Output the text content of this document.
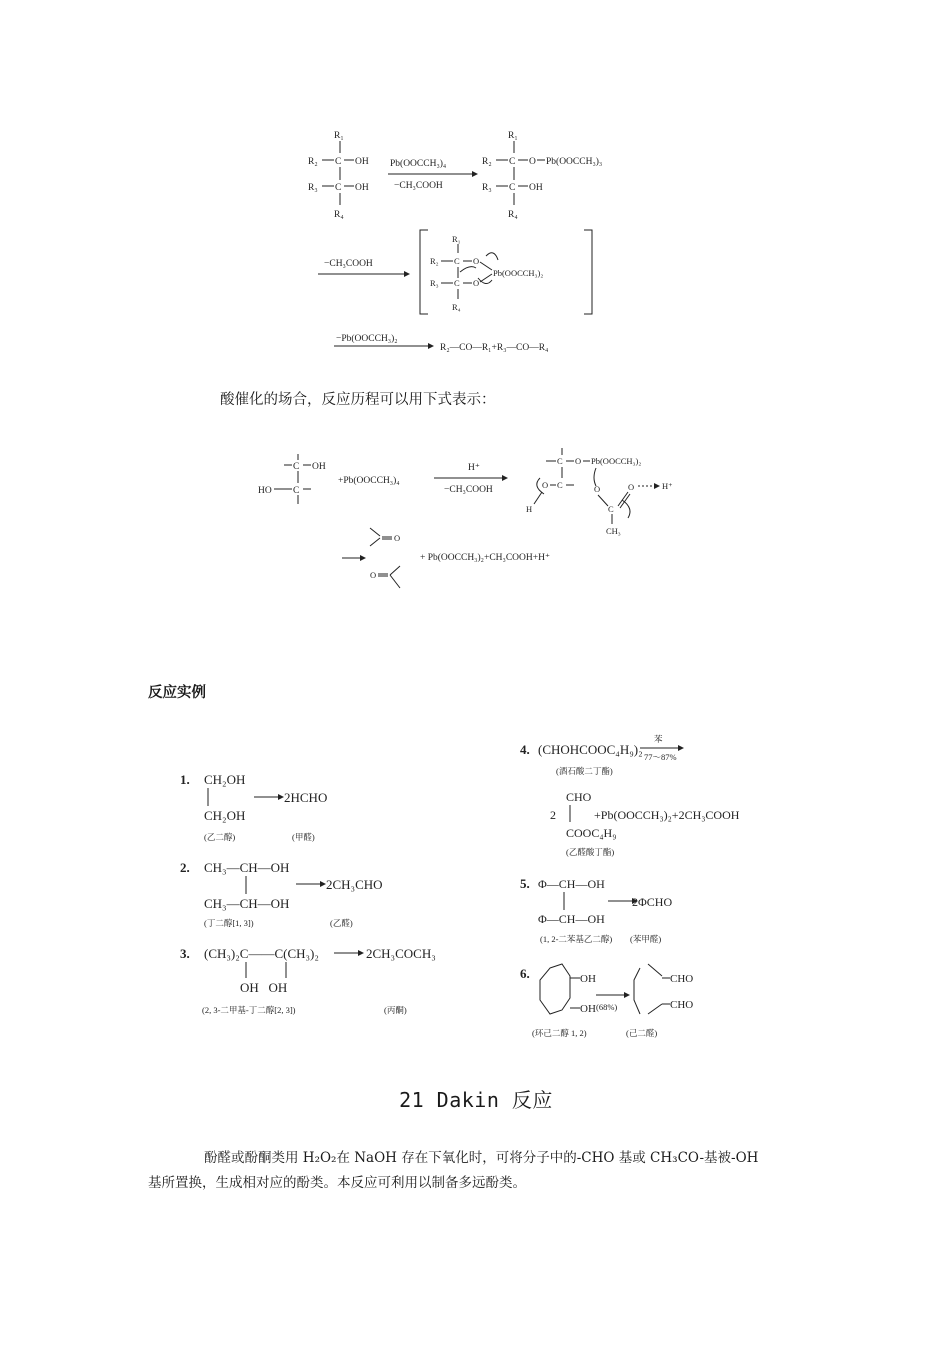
R₁
R₂ C OH
R₃ C OH
R₄
Pb(OOCCH₃)₄
−CH₃COOH
R₁
R₂ C O Pb(OOCCH₃)₃
R₃ C OH
R₄
−CH₃COOH
R₁
R₂ C O
R₃ C O
R₄
Pb(OOCCH₃)₂
−Pb(OOCCH₃)₂
R₂—CO—R₁+R₃—CO—R₄

酸催化的场合，反应历程可以用下式表示：

C OH
HO C
+Pb(OOCCH₃)₄
H⁺
−CH₃COOH
C O Pb(OOCCH₃)₂
O C
H
O
C
O	H⁺
CH₃
O
O
+ Pb(OOCCH₃)₂+CH₃COOH+H⁺
反应实例
1. CH₂OH
2HCHO
CH₂OH
(乙二醇)	(甲醛)
2. CH₃—CH—OH
2CH₃CHO
CH₃—CH—OH
(丁二醇[1, 3])	(乙醛)
3. (CH₃)₂C——C(CH₃)₂	2CH₃COCH₃
OH   OH
(2, 3-二甲基-丁二醇[2, 3])	(丙酮)
4. (CHOHCOOC₄H₉)₂
苯
77～87%
(酒石酸二丁酯)
CHO
2	+Pb(OOCCH₃)₂+2CH₃COOH
COOC₄H₉
(乙醛酸丁酯)
5. Φ—CH—OH
2ΦCHO
Φ—CH—OH
(1, 2-二苯基乙二醇) (苯甲醛)
6.	OH
OH (68%)
CHO
CHO
(环己二醇 1, 2)	(己二醛)
21 Dakin 反应

酚醛或酚酮类用 H₂O₂在 NaOH 存在下氧化时，可将分子中的-CHO 基或 CH₃CO-基被-OH

基所置换，生成相对应的酚类。本反应可利用以制备多远酚类。
